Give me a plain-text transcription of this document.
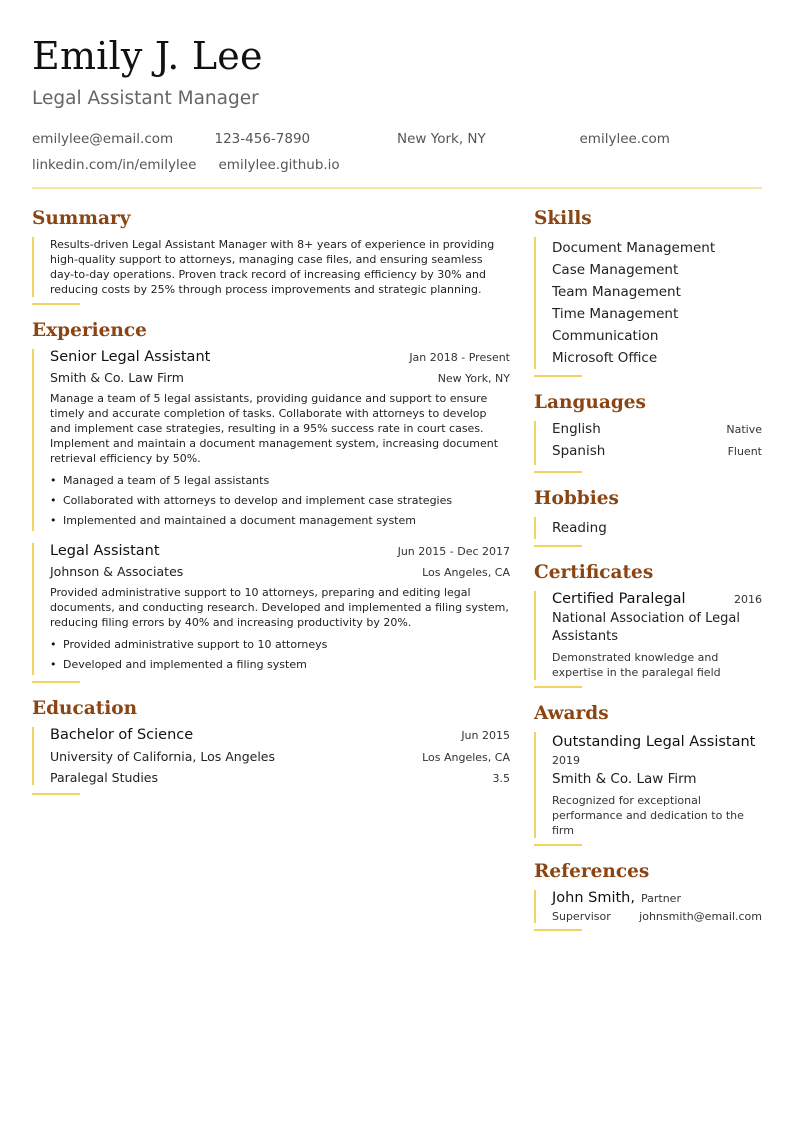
Emily J. Lee
Legal Assistant Manager
emilylee@email.com	123-456-7890	New York, NY	emilylee.com
linkedin.com/in/emilylee	emilylee.github.io
Summary
Results-driven Legal Assistant Manager with 8+ years of experience in providing high-quality support to attorneys, managing case files, and ensuring seamless day-to-day operations. Proven track record of increasing efficiency by 30% and reducing costs by 25% through process improvements and strategic planning.
Experience
Senior Legal Assistant	Jan 2018 - Present
Smith & Co. Law Firm	New York, NY
Manage a team of 5 legal assistants, providing guidance and support to ensure timely and accurate completion of tasks. Collaborate with attorneys to develop and implement case strategies, resulting in a 95% success rate in court cases. Implement and maintain a document management system, increasing document retrieval efficiency by 50%.
• Managed a team of 5 legal assistants
• Collaborated with attorneys to develop and implement case strategies
• Implemented and maintained a document management system
Legal Assistant	Jun 2015 - Dec 2017
Johnson & Associates	Los Angeles, CA
Provided administrative support to 10 attorneys, preparing and editing legal documents, and conducting research. Developed and implemented a filing system, reducing filing errors by 40% and increasing productivity by 20%.
• Provided administrative support to 10 attorneys
• Developed and implemented a filing system
Education
Bachelor of Science	Jun 2015
University of California, Los Angeles	Los Angeles, CA
Paralegal Studies	3.5
Skills
Document Management
Case Management
Team Management
Time Management
Communication
Microsoft Office
Languages
English	Native
Spanish	Fluent
Hobbies
Reading
Certificates
Certified Paralegal	2016
National Association of Legal Assistants
Demonstrated knowledge and expertise in the paralegal field
Awards
Outstanding Legal Assistant
2019
Smith & Co. Law Firm
Recognized for exceptional performance and dedication to the firm
References
John Smith, Partner
Supervisor	johnsmith@email.com
